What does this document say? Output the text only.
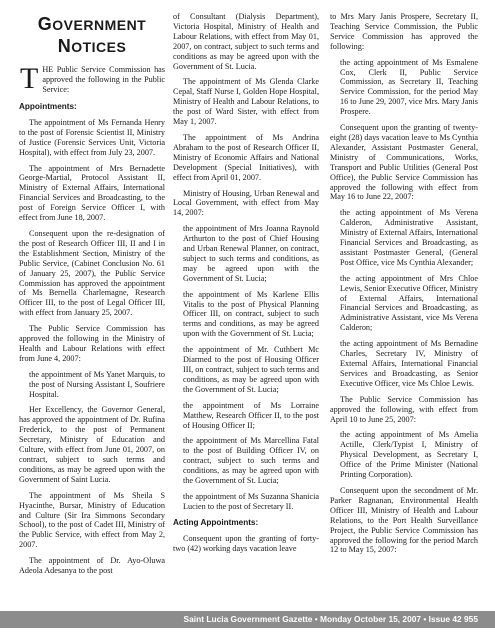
GOVERNMENT
NOTICES
T HE Public Service Commission has approved the following in the Public Service:

Appointments:

The appointment of Ms Fernanda Henry to the post of Forensic Scientist II, Ministry of Justice (Forensic Services Unit, Victoria Hospital), with effect from July 23, 2007.

The appointment of Mrs Bernadette George-Martial, Protocol Assistant II, Ministry of External Affairs, International Financial Services and Broadcasting, to the post of Foreign Service Officer I, with effect from June 18, 2007.

Consequent upon the re-designation of the post of Research Officer III, II and I in the Establishment Section, Ministry of the Public Service, (Cabinet Conclusion No. 61 of January 25, 2007), the Public Service Commission has approved the appointment of Ms Bernella Charlemagne, Research Officer III, to the post of Legal Officer III, with effect from January 25, 2007.

The Public Service Commission has approved the following in the Ministry of Health and Labour Relations with effect from June 4, 2007:

the appointment of Ms Yanet Marquis, to the post of Nursing Assistant I, Soufriere Hospital.

Her Excellency, the Governor General, has approved the appointment of Dr. Rufina Frederick, to the post of Permanent Secretary, Ministry of Education and Culture, with effect from June 01, 2007, on contract, subject to such terms and conditions, as may be agreed upon with the Government of Saint Lucia.

The appointment of Ms Sheila S Hyacinthe, Bursar, Ministry of Education and Culture (Sir Ira Simmons Secondary School), to the post of Cadet III, Ministry of the Public Service, with effect from May 2, 2007.

The appointment of Dr. Ayo-Oluwa Adeola Adesanya to the post

of Consultant (Dialysis Department), Victoria Hospital, Ministry of Health and Labour Relations, with effect from May 01, 2007, on contract, subject to such terms and conditions as may be agreed upon with the Government of St. Lucia.

The appointment of Ms Glenda Clarke Cepal, Staff Nurse I, Golden Hope Hospital, Ministry of Health and Labour Relations, to the post of Ward Sister, with effect from May 1, 2007.

The appointment of Ms Andrina Abraham to the post of Research Officer II, Ministry of Economic Affairs and National Development (Special Initiatives), with effect from April 01, 2007.

Ministry of Housing, Urban Renewal and Local Government, with effect from May 14, 2007:

the appointment of Mrs Joanna Raynold Arthurton to the post of Chief Housing and Urban Renewal Planner, on contract, subject to such terms and conditions, as may be agreed upon with the Government of St. Lucia;

the appointment of Ms Karlene Ellis Vitalis to the post of Physical Planning Officer III, on contract, subject to such terms and conditions, as may be agreed upon with the Government of St. Lucia;

the appointment of Mr. Cuthbert Mc Diarmed to the post of Housing Officer III, on contract, subject to such terms and conditions, as may be agreed upon with the Government of St. Lucia;

the appointment of Ms Lorraine Matthew, Research Officer II, to the post of Housing Officer II;

the appointment of Ms Marcellina Fatal to the post of Building Officer IV, on contract, subject to such terms and conditions, as may be agreed upon with the Government of St. Lucia;

the appointment of Ms Suzanna Shanicia Lucien to the post of Secretary II.

Acting Appointments:

Consequent upon the granting of forty-two (42) working days vacation leave

to Mrs Mary Janis Prospere, Secretary II, Teaching Service Commission, the Public Service Commission has approved the following:

the acting appointment of Ms Esmalene Cox, Clerk II, Public Service Commission, as Secretary II, Teaching Service Commission, for the period May 16 to June 29, 2007, vice Mrs. Mary Janis Prospere.

Consequent upon the granting of twenty-eight (28) days vacation leave to Ms Cynthia Alexander, Assistant Postmaster General, Ministry of Communications, Works, Transport and Public Utilities (General Post Office), the Public Service Commission has approved the following with effect from May 16 to June 22, 2007:

the acting appointment of Ms Verena Calderon, Administrative Assistant, Ministry of External Affairs, International Financial Services and Broadcasting, as assistant Postmaster General, (General Post Office, vice Ms Cynthia Alexander;

the acting appointment of Mrs Chloe Lewis, Senior Executive Officer, Ministry of External Affairs, International Financial Services and Broadcasting, as Administrative Assistant, vice Ms Verena Calderon;

the acting appointment of Ms Bernadine Charles, Secretary IV, Ministry of External Affairs, International Financial Services and Broadcasting, as Senior Executive Officer, vice Ms Chloe Lewis.

The Public Service Commission has approved the following, with effect from April 10 to June 25, 2007:

the acting appointment of Ms Amelia Actille, Clerk/Typist I, Ministry of Physical Development, as Secretary I, Office of the Prime Minister (National Printing Corporation).

Consequent upon the secondment of Mr. Parker Ragnanan, Environmental Health Officer III, Ministry of Health and Labour Relations, to the Port Health Surveillance Project, the Public Service Commission has approved the following for the period March 12 to May 15, 2007:

Saint Lucia Government Gazette • Monday October 15, 2007 • Issue 42 955
